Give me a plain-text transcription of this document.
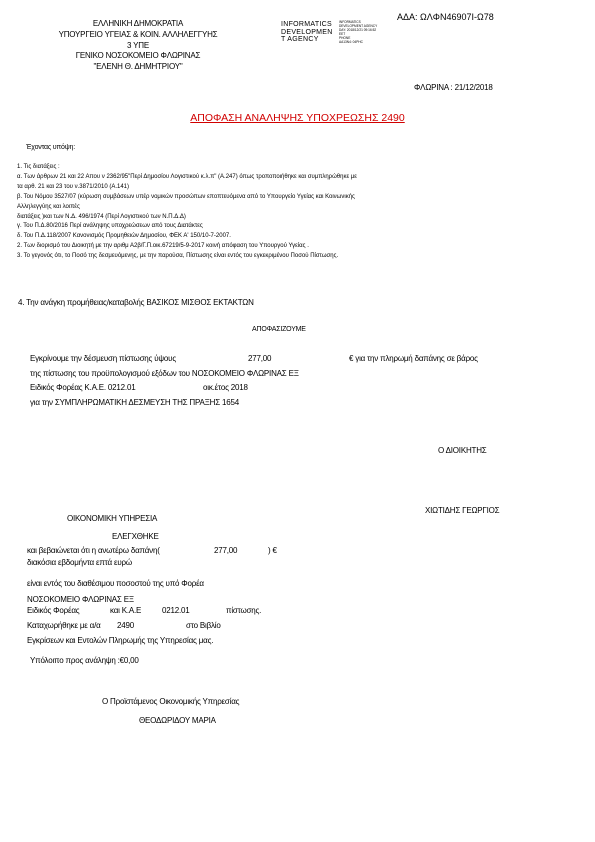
ΑΔΑ: ΩΛΦΝ46907Ι-Ω78
ΕΛΛΗΝΙΚΗ ΔΗΜΟΚΡΑΤΙΑ
ΥΠΟΥΡΓΕΙΟ ΥΓΕΙΑΣ & ΚΟΙΝ. ΑΛΛΗΛΕΓΓΥΗΣ
3 ΥΠΕ
ΓΕΝΙΚΟ ΝΟΣΟΚΟΜΕΙΟ ΦΛΩΡΙΝΑΣ
"ΕΛΕΝΗ Θ. ΔΗΜΗΤΡΙΟΥ"
INFORMATICS
DEVELOPMEN
T AGENCY
INFORMATICS
DEVELOPMENT AGENCY
DAY: 2018/12/21 09:16:52
EET
PHONE
AA13N4: 04PHC
ΦΛΩΡΙΝΑ : 21/12/2018
ΑΠΟΦΑΣΗ ΑΝΑΛΗΨΗΣ ΥΠΟΧΡΕΩΣΗΣ 2490
Έχοντας υπόψη:
1. Τις διατάξεις :
α. Των άρθρων 21 και 22 Απου ν 2362/95"Περί Δημοσίου Λογιστικού κ.λ.π" (Α.247) όπως τροποποιήθηκε και συμπληρώθηκε με
τα αρθ. 21 και 23 του ν.3871/2010 (Α.141)
β. Του Νόμου 3527/07 (κύρωση συμβάσεων υπέρ νομικών προσώπων εποπτευόμενα από το Υπουργείο Υγείας και Κοινωνικής
Αλληλεγγύης και λοιπές
διατάξεις )και των Ν.Δ. 496/1974 (Περί Λογιστικού των Ν.Π.Δ.Δ)
γ. Του Π.Δ.80/2016 Περί ανάληψης υποχρεώσεων από τους Διατάκτες
δ. Του Π.Δ.118/2007 Κανονισμός Προμηθειών Δημοσίου, ΦΕΚ Α' 150/10-7-2007.
2. Των διορισμό του Διοικητή με την αριθμ Α2β/Γ.Π.οικ.67219/5-9-2017 κοινή απόφαση του Υπουργού Υγείας .
3. Το γεγονός ότι, το Ποσό της δεσμευόμενης, με την παρούσα, Πίστωσης είναι εντός του εγκεκριμένου Ποσού Πίστωσης.
4. Την ανάγκη προμήθειας/καταβολής ΒΑΣΙΚΟΣ ΜΙΣΘΟΣ ΕΚΤΑΚΤΩΝ
ΑΠΟΦΑΣΙΖΟΥΜΕ
Εγκρίνουμε την δέσμευση πίστωσης ύψους	277,00	€ για την πληρωμή δαπάνης σε βάρος
της πίστωσης του προϋπολογισμού εξόδων του ΝΟΣΟΚΟΜΕΙΟ ΦΛΩΡΙΝΑΣ ΕΞ
Ειδικός Φορέας Κ.Α.Ε. 0212.01	οικ.έτος 2018
για την ΣΥΜΠΛΗΡΩΜΑΤΙΚΗ ΔΕΣΜΕΥΣΗ ΤΗΣ ΠΡΑΞΗΣ 1654
Ο ΔΙΟΙΚΗΤΗΣ
ΧΙΩΤΙΔΗΣ ΓΕΩΡΓΙΟΣ
ΟΙΚΟΝΟΜΙΚΗ ΥΠΗΡΕΣΙΑ
ΕΛΕΓΧΘΗΚΕ
και βεβαιώνεται ότι η ανωτέρω δαπάνη(	277,00	) €
διακόσια εβδομήντα επτά ευρώ
είναι εντός του διαθέσιμου ποσοστού της υπό Φορέα
ΝΟΣΟΚΟΜΕΙΟ ΦΛΩΡΙΝΑΣ ΕΞ
Ειδικός Φορέας	και Κ.Α.Ε	0212.01	πίστωσης.
Καταχωρήθηκε με α/α 2490	στο Βιβλίο
Εγκρίσεων και Εντολών Πληρωμής της Υπηρεσίας μας.
Υπόλοιπο προς ανάληψη :€0,00
Ο Προϊστάμενος Οικονομικής Υπηρεσίας
ΘΕΟΔΩΡΙΔΟΥ ΜΑΡΙΑ
